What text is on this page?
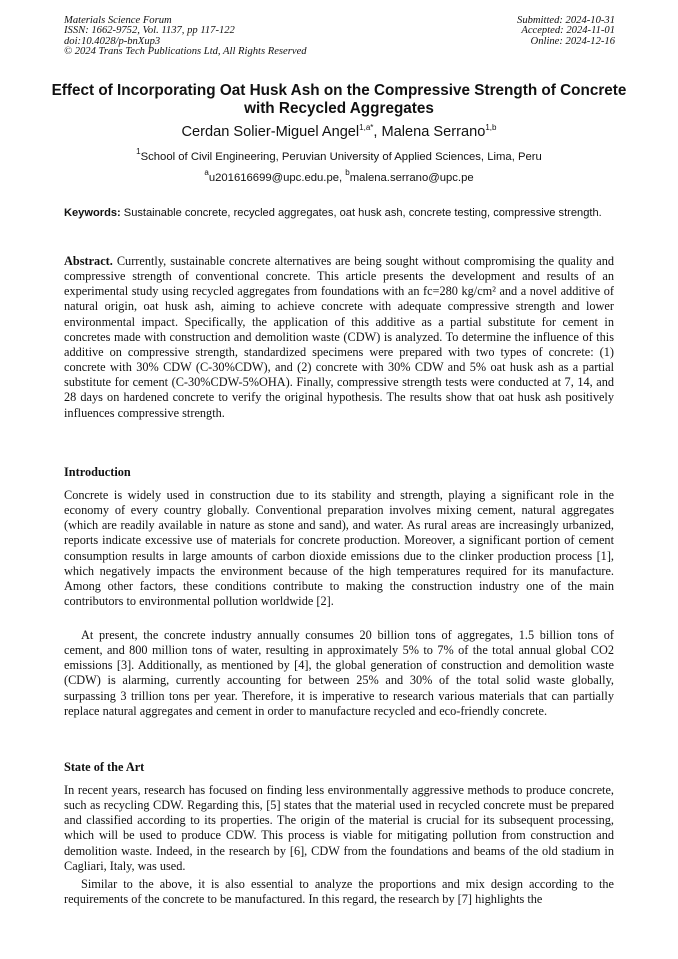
Materials Science Forum
ISSN: 1662-9752, Vol. 1137, pp 117-122
doi:10.4028/p-bnXup3
© 2024 Trans Tech Publications Ltd, All Rights Reserved
Submitted: 2024-10-31
Accepted: 2024-11-01
Online: 2024-12-16
Effect of Incorporating Oat Husk Ash on the Compressive Strength of Concrete with Recycled Aggregates
Cerdan Solier-Miguel Angel$^{1,a*}$, Malena Serrano$^{1,b}$
$^1$School of Civil Engineering, Peruvian University of Applied Sciences, Lima, Peru
$^a$u201616699@upc.edu.pe, $^b$malena.serrano@upc.pe
Keywords: Sustainable concrete, recycled aggregates, oat husk ash, concrete testing, compressive strength.

Abstract. Currently, sustainable concrete alternatives are being sought without compromising the quality and compressive strength of conventional concrete. This article presents the development and results of an experimental study using recycled aggregates from foundations with an fc=280 kg/cm² and a novel additive of natural origin, oat husk ash, aiming to achieve concrete with adequate compressive strength and lower environmental impact. Specifically, the application of this additive as a partial substitute for cement in concretes made with construction and demolition waste (CDW) is analyzed. To determine the influence of this additive on compressive strength, standardized specimens were prepared with two types of concrete: (1) concrete with 30% CDW (C-30%CDW), and (2) concrete with 30% CDW and 5% oat husk ash as a partial substitute for cement (C-30%CDW-5%OHA). Finally, compressive strength tests were conducted at 7, 14, and 28 days on hardened concrete to verify the original hypothesis. The results show that oat husk ash positively influences compressive strength.

Introduction

Concrete is widely used in construction due to its stability and strength, playing a significant role in the economy of every country globally. Conventional preparation involves mixing cement, natural aggregates (which are readily available in nature as stone and sand), and water. As rural areas are increasingly urbanized, reports indicate excessive use of materials for concrete production. Moreover, a significant portion of cement consumption results in large amounts of carbon dioxide emissions due to the clinker production process [1], which negatively impacts the environment because of the high temperatures required for its manufacture. Among other factors, these conditions contribute to making the construction industry one of the main contributors to environmental pollution worldwide [2].

At present, the concrete industry annually consumes 20 billion tons of aggregates, 1.5 billion tons of cement, and 800 million tons of water, resulting in approximately 5% to 7% of the total annual global CO2 emissions [3]. Additionally, as mentioned by [4], the global generation of construction and demolition waste (CDW) is alarming, currently accounting for between 25% and 30% of the total solid waste globally, surpassing 3 trillion tons per year. Therefore, it is imperative to research various materials that can partially replace natural aggregates and cement in order to manufacture recycled and eco-friendly concrete.

State of the Art

In recent years, research has focused on finding less environmentally aggressive methods to produce concrete, such as recycling CDW. Regarding this, [5] states that the material used in recycled concrete must be prepared and classified according to its properties. The origin of the material is crucial for its subsequent processing, which will be used to produce CDW. This process is viable for mitigating pollution from construction and demolition waste. Indeed, in the research by [6], CDW from the foundations and beams of the old stadium in Cagliari, Italy, was used.

Similar to the above, it is also essential to analyze the proportions and mix design according to the requirements of the concrete to be manufactured. In this regard, the research by [7] highlights the
